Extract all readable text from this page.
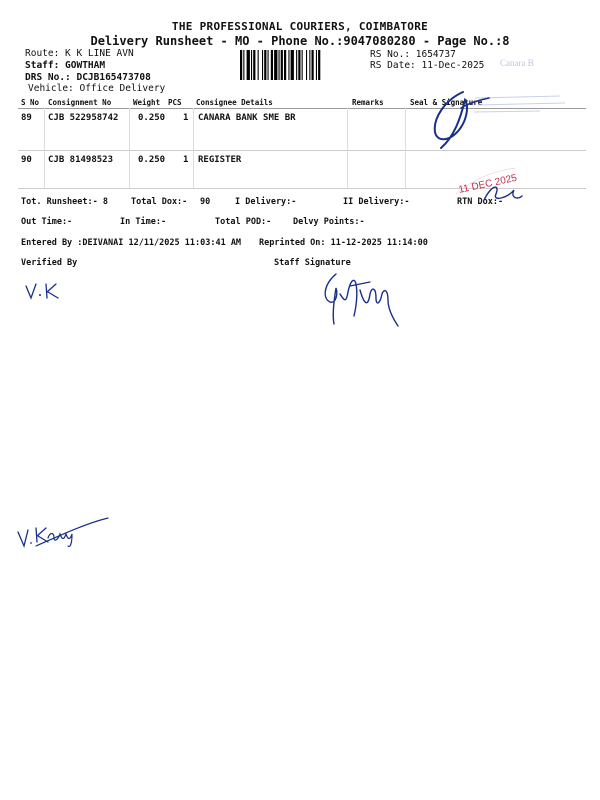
THE PROFESSIONAL COURIERS, COIMBATORE
Delivery Runsheet - MO - Phone No.:9047080280 - Page No.:8
Route: K K LINE AVN
Staff: GOWTHAM
DRS No.: DCJB165473708
Vehicle: Office Delivery
RS No.: 1654737
RS Date: 11-Dec-2025 Canara B
S No Consignment No	Weight PCS Consignee Details	Remarks	Seal & Signature
89 CJB 522958742 0.250 1 CANARA BANK SME BR
90 CJB 81498523	0.250 1 REGISTER
Tot. Runsheet:- 8	Total Dox:- 90	I Delivery:-	II Delivery:-	RTN Dox:-
Out Time:-	In Time:-	Total POD:-	Delvy Points:-
Entered By :DEIVANAI 12/11/2025 11:03:41 AM Reprinted On: 11-12-2025 11:14:00
Verified By	Staff Signature
11 DEC 2025
